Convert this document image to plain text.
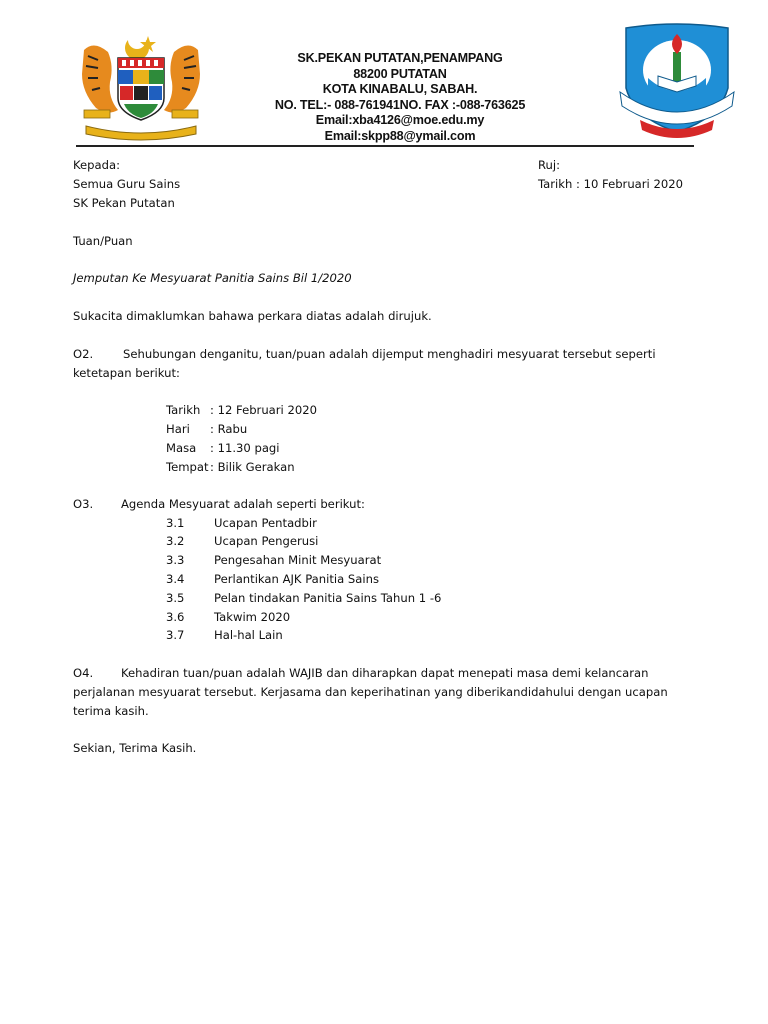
SK.PEKAN PUTATAN,PENAMPANG
88200 PUTATAN
KOTA KINABALU, SABAH.
NO. TEL:- 088-761941NO. FAX :-088-763625
Email:xba4126@moe.edu.my
Email:skpp88@ymail.com
Kepada:
Semua Guru Sains
SK Pekan Putatan
Ruj:
Tarikh : 10 Februari 2020
Tuan/Puan
Jemputan Ke Mesyuarat Panitia Sains Bil 1/2020
Sukacita dimaklumkan bahawa perkara diatas adalah dirujuk.
O2.	Sehubungan denganitu, tuan/puan adalah dijemput menghadiri mesyuarat tersebut seperti
ketetapan berikut:
Tarikh : 12 Februari 2020
Hari : Rabu
Masa : 11.30 pagi
Tempat: Bilik Gerakan
O3. Agenda Mesyuarat adalah seperti berikut:
3.1	Ucapan Pentadbir
3.2	Ucapan Pengerusi
3.3	Pengesahan Minit Mesyuarat
3.4	Perlantikan AJK Panitia Sains
3.5	Pelan tindakan Panitia Sains Tahun 1 -6
3.6	Takwim 2020
3.7	Hal-hal Lain
O4. Kehadiran tuan/puan adalah WAJIB dan diharapkan dapat menepati masa demi kelancaran
perjalanan mesyuarat tersebut. Kerjasama dan keperihatinan yang diberikandidahului dengan ucapan
terima kasih.
Sekian, Terima Kasih.
